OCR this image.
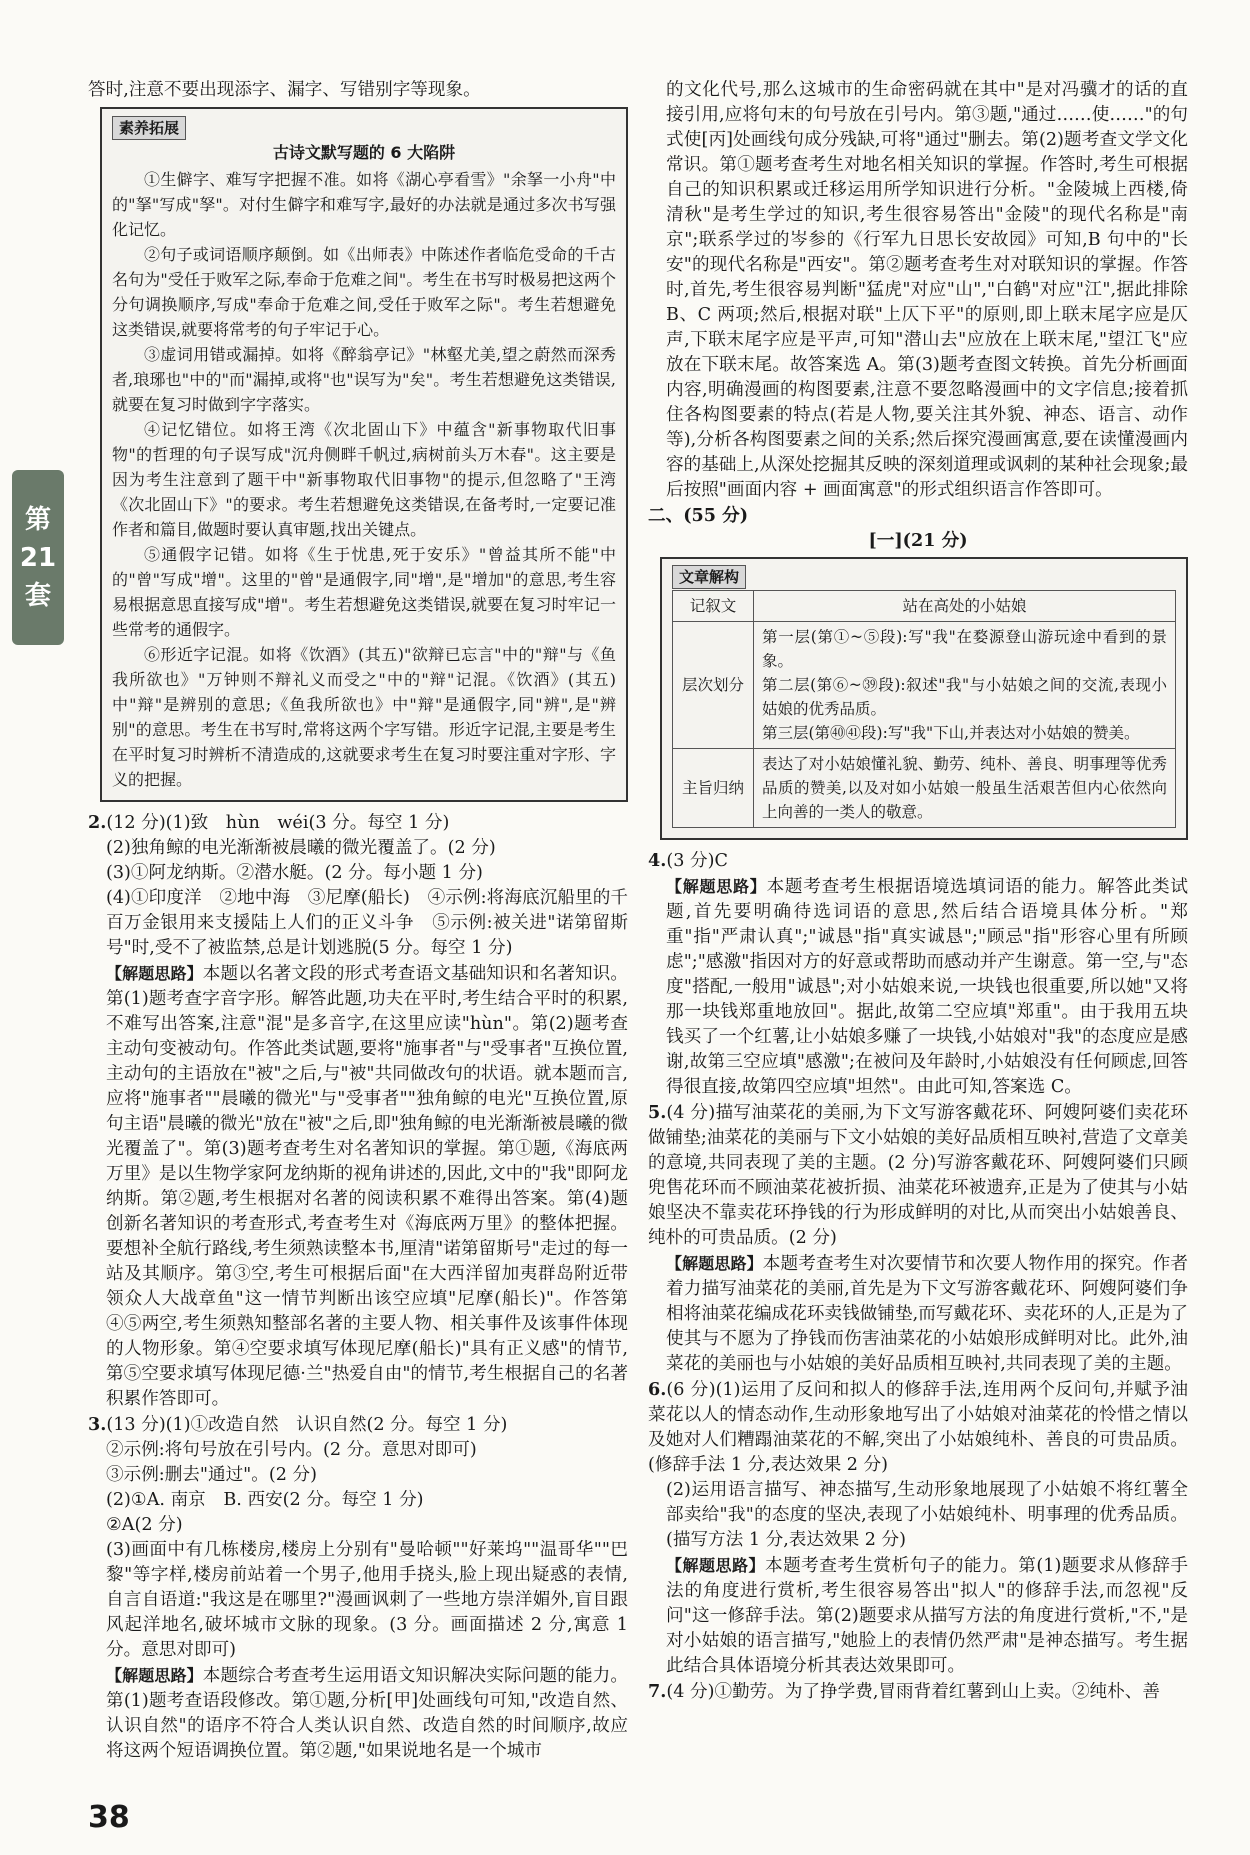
第
21
套

答时,注意不要出现添字、漏字、写错别字等现象。

素养拓展
古诗文默写题的 6 大陷阱

①生僻字、难写字把握不准。如将《湖心亭看雪》"余拏一小舟"中的"拏"写成"孥"。对付生僻字和难写字,最好的办法就是通过多次书写强化记忆。

②句子或词语顺序颠倒。如《出师表》中陈述作者临危受命的千古名句为"受任于败军之际,奉命于危难之间"。考生在书写时极易把这两个分句调换顺序,写成"奉命于危难之间,受任于败军之际"。考生若想避免这类错误,就要将常考的句子牢记于心。

③虚词用错或漏掉。如将《醉翁亭记》"林壑尤美,望之蔚然而深秀者,琅琊也"中的"而"漏掉,或将"也"误写为"矣"。考生若想避免这类错误,就要在复习时做到字字落实。

④记忆错位。如将王湾《次北固山下》中蕴含"新事物取代旧事物"的哲理的句子误写成"沉舟侧畔千帆过,病树前头万木春"。这主要是因为考生注意到了题干中"新事物取代旧事物"的提示,但忽略了"王湾《次北固山下》"的要求。考生若想避免这类错误,在备考时,一定要记准作者和篇目,做题时要认真审题,找出关键点。

⑤通假字记错。如将《生于忧患,死于安乐》"曾益其所不能"中的"曾"写成"增"。这里的"曾"是通假字,同"增",是"增加"的意思,考生容易根据意思直接写成"增"。考生若想避免这类错误,就要在复习时牢记一些常考的通假字。

⑥形近字记混。如将《饮酒》(其五)"欲辩已忘言"中的"辩"与《鱼我所欲也》"万钟则不辩礼义而受之"中的"辩"记混。《饮酒》(其五)中"辩"是辨别的意思;《鱼我所欲也》中"辩"是通假字,同"辨",是"辨别"的意思。考生在书写时,常将这两个字写错。形近字记混,主要是考生在平时复习时辨析不清造成的,这就要求考生在复习时要注重对字形、字义的把握。

2.(12 分)(1)致　hùn　wéi(3 分。每空 1 分)

(2)独角鲸的电光渐渐被晨曦的微光覆盖了。(2 分)

(3)①阿龙纳斯。②潜水艇。(2 分。每小题 1 分)

(4)①印度洋　②地中海　③尼摩(船长)　④示例:将海底沉船里的千百万金银用来支援陆上人们的正义斗争　⑤示例:被关进"诺第留斯号"时,受不了被监禁,总是计划逃脱(5 分。每空 1 分)

【解题思路】本题以名著文段的形式考查语文基础知识和名著知识。第(1)题考查字音字形。解答此题,功夫在平时,考生结合平时的积累,不难写出答案,注意"混"是多音字,在这里应读"hùn"。第(2)题考查主动句变被动句。作答此类试题,要将"施事者"与"受事者"互换位置,主动句的主语放在"被"之后,与"被"共同做改句的状语。就本题而言,应将"施事者""晨曦的微光"与"受事者""独角鲸的电光"互换位置,原句主语"晨曦的微光"放在"被"之后,即"独角鲸的电光渐渐被晨曦的微光覆盖了"。第(3)题考查考生对名著知识的掌握。第①题,《海底两万里》是以生物学家阿龙纳斯的视角讲述的,因此,文中的"我"即阿龙纳斯。第②题,考生根据对名著的阅读积累不难得出答案。第(4)题创新名著知识的考查形式,考查考生对《海底两万里》的整体把握。要想补全航行路线,考生须熟读整本书,厘清"诺第留斯号"走过的每一站及其顺序。第③空,考生可根据后面"在大西洋留加夷群岛附近带领众人大战章鱼"这一情节判断出该空应填"尼摩(船长)"。作答第④⑤两空,考生须熟知整部名著的主要人物、相关事件及该事件体现的人物形象。第④空要求填写体现尼摩(船长)"具有正义感"的情节,第⑤空要求填写体现尼德·兰"热爱自由"的情节,考生根据自己的名著积累作答即可。

3.(13 分)(1)①改造自然　认识自然(2 分。每空 1 分)

②示例:将句号放在引号内。(2 分。意思对即可)

③示例:删去"通过"。(2 分)

(2)①A. 南京　B. 西安(2 分。每空 1 分)

②A(2 分)

(3)画面中有几栋楼房,楼房上分别有"曼哈顿""好莱坞""温哥华""巴黎"等字样,楼房前站着一个男子,他用手挠头,脸上现出疑惑的表情,自言自语道:"我这是在哪里?"漫画讽刺了一些地方崇洋媚外,盲目跟风起洋地名,破坏城市文脉的现象。(3 分。画面描述 2 分,寓意 1 分。意思对即可)

【解题思路】本题综合考查考生运用语文知识解决实际问题的能力。第(1)题考查语段修改。第①题,分析[甲]处画线句可知,"改造自然、认识自然"的语序不符合人类认识自然、改造自然的时间顺序,故应将这两个短语调换位置。第②题,"如果说地名是一个城市

的文化代号,那么这城市的生命密码就在其中"是对冯骥才的话的直接引用,应将句末的句号放在引号内。第③题,"通过……使……"的句式使[丙]处画线句成分残缺,可将"通过"删去。第(2)题考查文学文化常识。第①题考查考生对地名相关知识的掌握。作答时,考生可根据自己的知识积累或迁移运用所学知识进行分析。"金陵城上西楼,倚清秋"是考生学过的知识,考生很容易答出"金陵"的现代名称是"南京";联系学过的岑参的《行军九日思长安故园》可知,B 句中的"长安"的现代名称是"西安"。第②题考查考生对对联知识的掌握。作答时,首先,考生很容易判断"猛虎"对应"山","白鹤"对应"江",据此排除 B、C 两项;然后,根据对联"上仄下平"的原则,即上联末尾字应是仄声,下联末尾字应是平声,可知"潜山去"应放在上联末尾,"望江飞"应放在下联末尾。故答案选 A。第(3)题考查图文转换。首先分析画面内容,明确漫画的构图要素,注意不要忽略漫画中的文字信息;接着抓住各构图要素的特点(若是人物,要关注其外貌、神态、语言、动作等),分析各构图要素之间的关系;然后探究漫画寓意,要在读懂漫画内容的基础上,从深处挖掘其反映的深刻道理或讽刺的某种社会现象;最后按照"画面内容 + 画面寓意"的形式组织语言作答即可。

二、(55 分)

[一](21 分)

文章解构
记叙文	站在高处的小姑娘
层次划分	第一层(第①~⑤段):写"我"在婺源登山游玩途中看到的景象。
第二层(第⑥~㊴段):叙述"我"与小姑娘之间的交流,表现小姑娘的优秀品质。
第三层(第㊵㊶段):写"我"下山,并表达对小姑娘的赞美。

主旨归纳	表达了对小姑娘懂礼貌、勤劳、纯朴、善良、明事理等优秀品质的赞美,以及对如小姑娘一般虽生活艰苦但内心依然向上向善的一类人的敬意。

4.(3 分)C

【解题思路】本题考查考生根据语境选填词语的能力。解答此类试题,首先要明确待选词语的意思,然后结合语境具体分析。"郑重"指"严肃认真";"诚恳"指"真实诚恳";"顾忌"指"形容心里有所顾虑";"感激"指因对方的好意或帮助而感动并产生谢意。第一空,与"态度"搭配,一般用"诚恳";对小姑娘来说,一块钱也很重要,所以她"又将那一块钱郑重地放回"。据此,故第二空应填"郑重"。由于我用五块钱买了一个红薯,让小姑娘多赚了一块钱,小姑娘对"我"的态度应是感谢,故第三空应填"感激";在被问及年龄时,小姑娘没有任何顾虑,回答得很直接,故第四空应填"坦然"。由此可知,答案选 C。

5.(4 分)描写油菜花的美丽,为下文写游客戴花环、阿嫂阿婆们卖花环做铺垫;油菜花的美丽与下文小姑娘的美好品质相互映衬,营造了文章美的意境,共同表现了美的主题。(2 分)写游客戴花环、阿嫂阿婆们只顾兜售花环而不顾油菜花被折损、油菜花环被遗弃,正是为了使其与小姑娘坚决不靠卖花环挣钱的行为形成鲜明的对比,从而突出小姑娘善良、纯朴的可贵品质。(2 分)

【解题思路】本题考查考生对次要情节和次要人物作用的探究。作者着力描写油菜花的美丽,首先是为下文写游客戴花环、阿嫂阿婆们争相将油菜花编成花环卖钱做铺垫,而写戴花环、卖花环的人,正是为了使其与不愿为了挣钱而伤害油菜花的小姑娘形成鲜明对比。此外,油菜花的美丽也与小姑娘的美好品质相互映衬,共同表现了美的主题。

6.(6 分)(1)运用了反问和拟人的修辞手法,连用两个反问句,并赋予油菜花以人的情态动作,生动形象地写出了小姑娘对油菜花的怜惜之情以及她对人们糟蹋油菜花的不解,突出了小姑娘纯朴、善良的可贵品质。(修辞手法 1 分,表达效果 2 分)

(2)运用语言描写、神态描写,生动形象地展现了小姑娘不将红薯全部卖给"我"的态度的坚决,表现了小姑娘纯朴、明事理的优秀品质。(描写方法 1 分,表达效果 2 分)

【解题思路】本题考查考生赏析句子的能力。第(1)题要求从修辞手法的角度进行赏析,考生很容易答出"拟人"的修辞手法,而忽视"反问"这一修辞手法。第(2)题要求从描写方法的角度进行赏析,"不,"是对小姑娘的语言描写,"她脸上的表情仍然严肃"是神态描写。考生据此结合具体语境分析其表达效果即可。

7.(4 分)①勤劳。为了挣学费,冒雨背着红薯到山上卖。②纯朴、善

38
